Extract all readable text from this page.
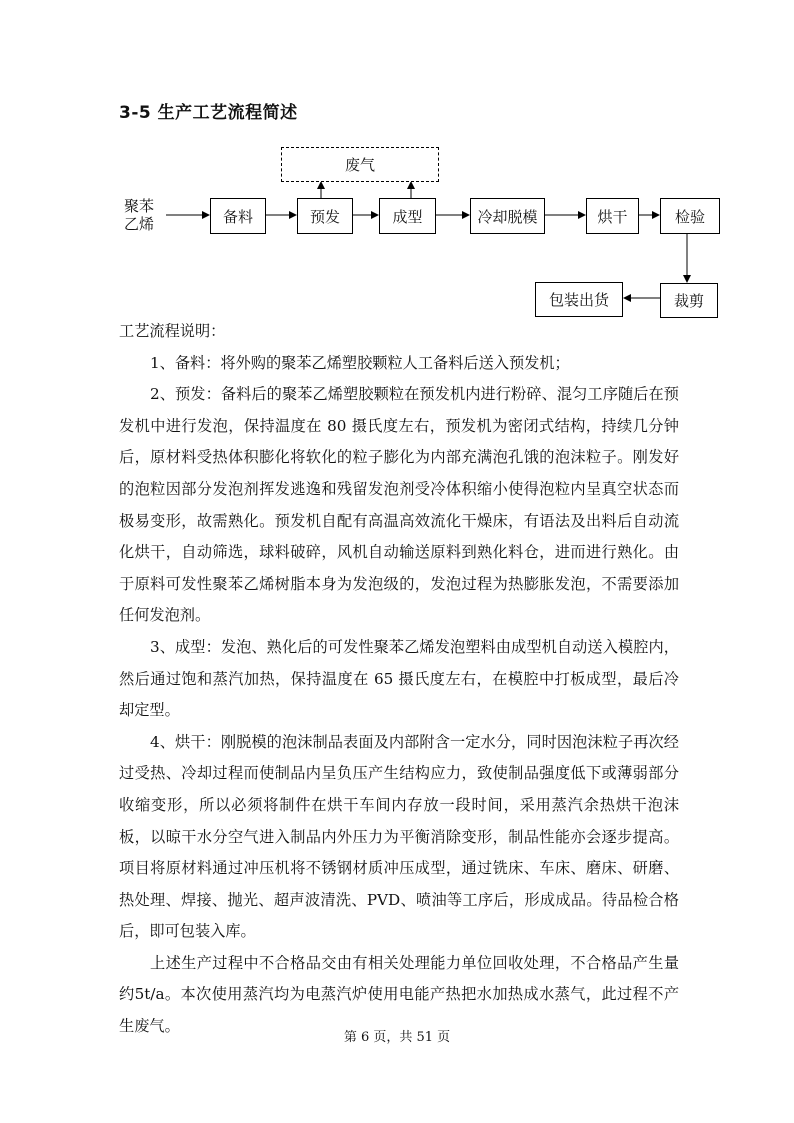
3-5 生产工艺流程简述
聚苯
乙烯
废气
备料	预发	成型	冷却脱模	烘干	检验
裁剪
包装出货

工艺流程说明：

1、备料：将外购的聚苯乙烯塑胶颗粒人工备料后送入预发机；

2、预发：备料后的聚苯乙烯塑胶颗粒在预发机内进行粉碎、混匀工序随后在预发机中进行发泡，保持温度在 80 摄氏度左右，预发机为密闭式结构，持续几分钟后，原材料受热体积膨化将软化的粒子膨化为内部充满泡孔饿的泡沫粒子。刚发好的泡粒因部分发泡剂挥发逃逸和残留发泡剂受冷体积缩小使得泡粒内呈真空状态而极易变形，故需熟化。预发机自配有高温高效流化干燥床，有语法及出料后自动流化烘干，自动筛选，球料破碎，风机自动输送原料到熟化料仓，进而进行熟化。由于原料可发性聚苯乙烯树脂本身为发泡级的，发泡过程为热膨胀发泡，不需要添加任何发泡剂。

3、成型：发泡、熟化后的可发性聚苯乙烯发泡塑料由成型机自动送入模腔内，然后通过饱和蒸汽加热，保持温度在 65 摄氏度左右，在模腔中打板成型，最后冷却定型。

4、烘干：刚脱模的泡沫制品表面及内部附含一定水分，同时因泡沫粒子再次经过受热、冷却过程而使制品内呈负压产生结构应力，致使制品强度低下或薄弱部分收缩变形，所以必须将制件在烘干车间内存放一段时间，采用蒸汽余热烘干泡沫板，以晾干水分空气进入制品内外压力为平衡消除变形，制品性能亦会逐步提高。项目将原材料通过冲压机将不锈钢材质冲压成型，通过铣床、车床、磨床、研磨、热处理、焊接、抛光、超声波清洗、PVD、喷油等工序后，形成成品。待品检合格后，即可包装入库。

上述生产过程中不合格品交由有相关处理能力单位回收处理，不合格品产生量约5t/a。本次使用蒸汽均为电蒸汽炉使用电能产热把水加热成水蒸气，此过程不产生废气。

第 6 页，共 51 页
